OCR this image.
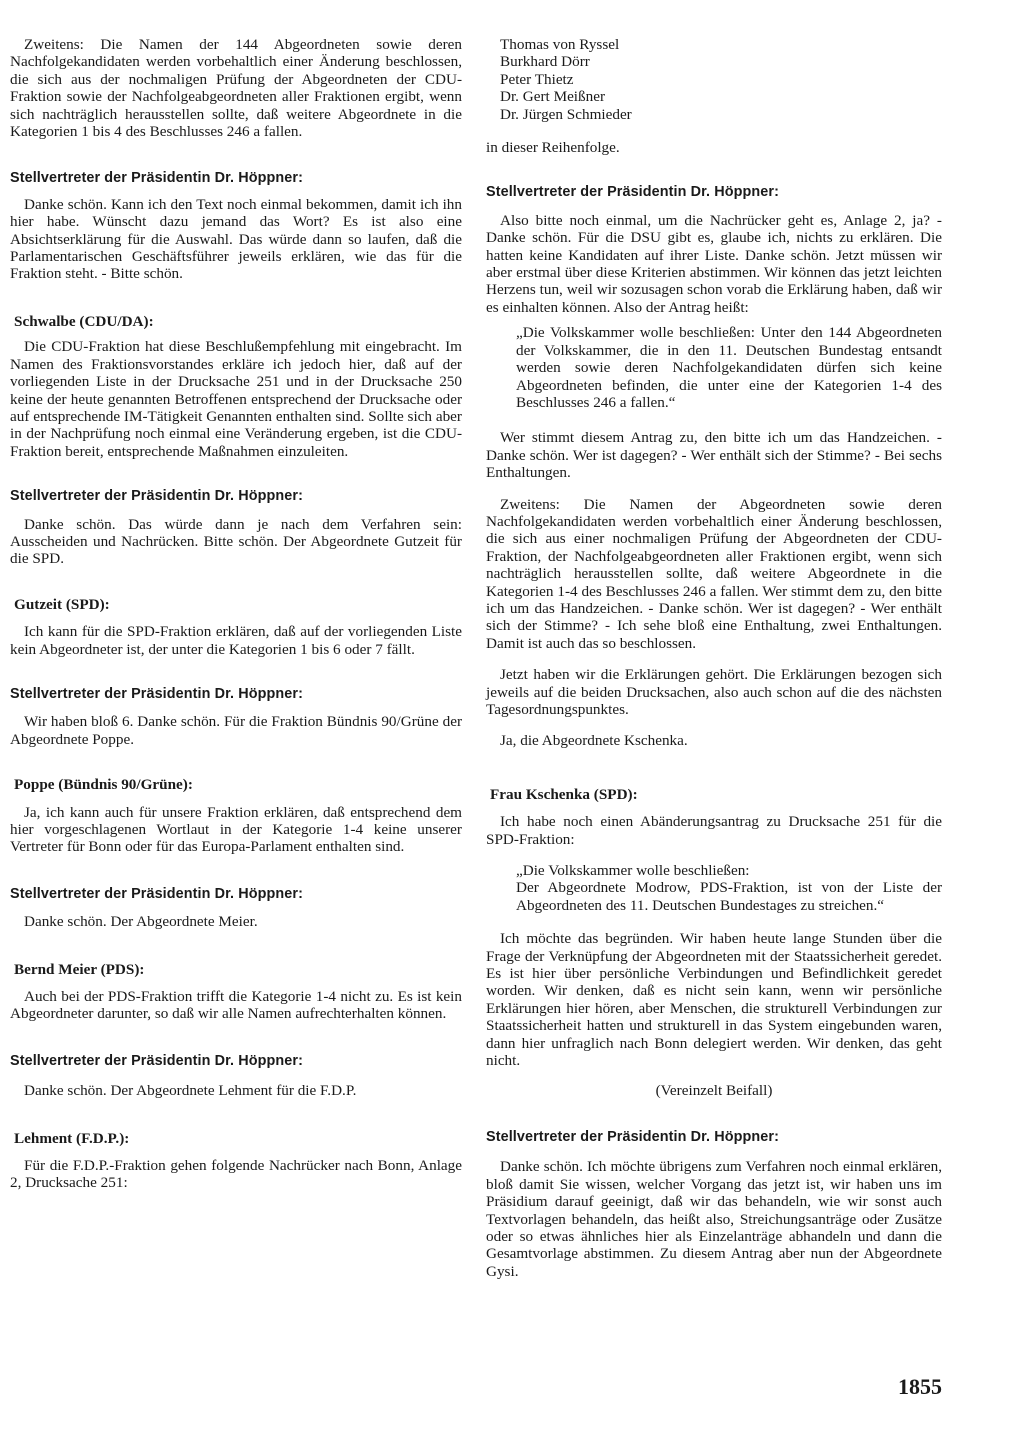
Zweitens: Die Namen der 144 Abgeordneten sowie deren Nachfolgekandidaten werden vorbehaltlich einer Änderung beschlossen, die sich aus der nochmaligen Prüfung der Abgeordneten der CDU-Fraktion sowie der Nachfolgeabgeordneten aller Fraktionen ergibt, wenn sich nachträglich herausstellen sollte, daß weitere Abgeordnete in die Kategorien 1 bis 4 des Beschlusses 246 a fallen.

Stellvertreter der Präsidentin Dr. Höppner:

Danke schön. Kann ich den Text noch einmal bekommen, damit ich ihn hier habe. Wünscht dazu jemand das Wort? Es ist also eine Absichtserklärung für die Auswahl. Das würde dann so laufen, daß die Parlamentarischen Geschäftsführer jeweils erklären, wie das für die Fraktion steht. - Bitte schön.

Schwalbe (CDU/DA):

Die CDU-Fraktion hat diese Beschlußempfehlung mit eingebracht. Im Namen des Fraktionsvorstandes erkläre ich jedoch hier, daß auf der vorliegenden Liste in der Drucksache 251 und in der Drucksache 250 keine der heute genannten Betroffenen entsprechend der Drucksache oder auf entsprechende IM-Tätigkeit Genannten enthalten sind. Sollte sich aber in der Nachprüfung noch einmal eine Veränderung ergeben, ist die CDU-Fraktion bereit, entsprechende Maßnahmen einzuleiten.

Stellvertreter der Präsidentin Dr. Höppner:

Danke schön. Das würde dann je nach dem Verfahren sein: Ausscheiden und Nachrücken. Bitte schön. Der Abgeordnete Gutzeit für die SPD.

Gutzeit (SPD):

Ich kann für die SPD-Fraktion erklären, daß auf der vorliegenden Liste kein Abgeordneter ist, der unter die Kategorien 1 bis 6 oder 7 fällt.

Stellvertreter der Präsidentin Dr. Höppner:

Wir haben bloß 6. Danke schön. Für die Fraktion Bündnis 90/Grüne der Abgeordnete Poppe.

Poppe (Bündnis 90/Grüne):

Ja, ich kann auch für unsere Fraktion erklären, daß entsprechend dem hier vorgeschlagenen Wortlaut in der Kategorie 1-4 keine unserer Vertreter für Bonn oder für das Europa-Parlament enthalten sind.

Stellvertreter der Präsidentin Dr. Höppner:

Danke schön. Der Abgeordnete Meier.

Bernd Meier (PDS):

Auch bei der PDS-Fraktion trifft die Kategorie 1-4 nicht zu. Es ist kein Abgeordneter darunter, so daß wir alle Namen aufrechterhalten können.

Stellvertreter der Präsidentin Dr. Höppner:

Danke schön. Der Abgeordnete Lehment für die F.D.P.

Lehment (F.D.P.):

Für die F.D.P.-Fraktion gehen folgende Nachrücker nach Bonn, Anlage 2, Drucksache 251:

Thomas von Ryssel
Burkhard Dörr
Peter Thietz
Dr. Gert Meißner
Dr. Jürgen Schmieder

in dieser Reihenfolge.

Stellvertreter der Präsidentin Dr. Höppner:

Also bitte noch einmal, um die Nachrücker geht es, Anlage 2, ja? - Danke schön. Für die DSU gibt es, glaube ich, nichts zu erklären. Die hatten keine Kandidaten auf ihrer Liste. Danke schön. Jetzt müssen wir aber erstmal über diese Kriterien abstimmen. Wir können das jetzt leichten Herzens tun, weil wir sozusagen schon vorab die Erklärung haben, daß wir es einhalten können. Also der Antrag heißt:

„Die Volkskammer wolle beschließen: Unter den 144 Abgeordneten der Volkskammer, die in den 11. Deutschen Bundestag entsandt werden sowie deren Nachfolgekandidaten dürfen sich keine Abgeordneten befinden, die unter eine der Kategorien 1-4 des Beschlusses 246 a fallen.“

Wer stimmt diesem Antrag zu, den bitte ich um das Handzeichen. - Danke schön. Wer ist dagegen? - Wer enthält sich der Stimme? - Bei sechs Enthaltungen.

Zweitens: Die Namen der Abgeordneten sowie deren Nachfolgekandidaten werden vorbehaltlich einer Änderung beschlossen, die sich aus einer nochmaligen Prüfung der Abgeordneten der CDU-Fraktion, der Nachfolgeabgeordneten aller Fraktionen ergibt, wenn sich nachträglich herausstellen sollte, daß weitere Abgeordnete in die Kategorien 1-4 des Beschlusses 246 a fallen. Wer stimmt dem zu, den bitte ich um das Handzeichen. - Danke schön. Wer ist dagegen? - Wer enthält sich der Stimme? - Ich sehe bloß eine Enthaltung, zwei Enthaltungen. Damit ist auch das so beschlossen.

Jetzt haben wir die Erklärungen gehört. Die Erklärungen bezogen sich jeweils auf die beiden Drucksachen, also auch schon auf die des nächsten Tagesordnungspunktes.

Ja, die Abgeordnete Kschenka.

Frau Kschenka (SPD):

Ich habe noch einen Abänderungsantrag zu Drucksache 251 für die SPD-Fraktion:

„Die Volkskammer wolle beschließen:

Der Abgeordnete Modrow, PDS-Fraktion, ist von der Liste der Abgeordneten des 11. Deutschen Bundestages zu streichen.“

Ich möchte das begründen. Wir haben heute lange Stunden über die Frage der Verknüpfung der Abgeordneten mit der Staatssicherheit geredet. Es ist hier über persönliche Verbindungen und Befindlichkeit geredet worden. Wir denken, daß es nicht sein kann, wenn wir persönliche Erklärungen hier hören, aber Menschen, die strukturell Verbindungen zur Staatssicherheit hatten und strukturell in das System eingebunden waren, dann hier unfraglich nach Bonn delegiert werden. Wir denken, das geht nicht.

(Vereinzelt Beifall)

Stellvertreter der Präsidentin Dr. Höppner:

Danke schön. Ich möchte übrigens zum Verfahren noch einmal erklären, bloß damit Sie wissen, welcher Vorgang das jetzt ist, wir haben uns im Präsidium darauf geeinigt, daß wir das behandeln, wie wir sonst auch Textvorlagen behandeln, das heißt also, Streichungsanträge oder Zusätze oder so etwas ähnliches hier als Einzelanträge abhandeln und dann die Gesamtvorlage abstimmen. Zu diesem Antrag aber nun der Abgeordnete Gysi.

1855
